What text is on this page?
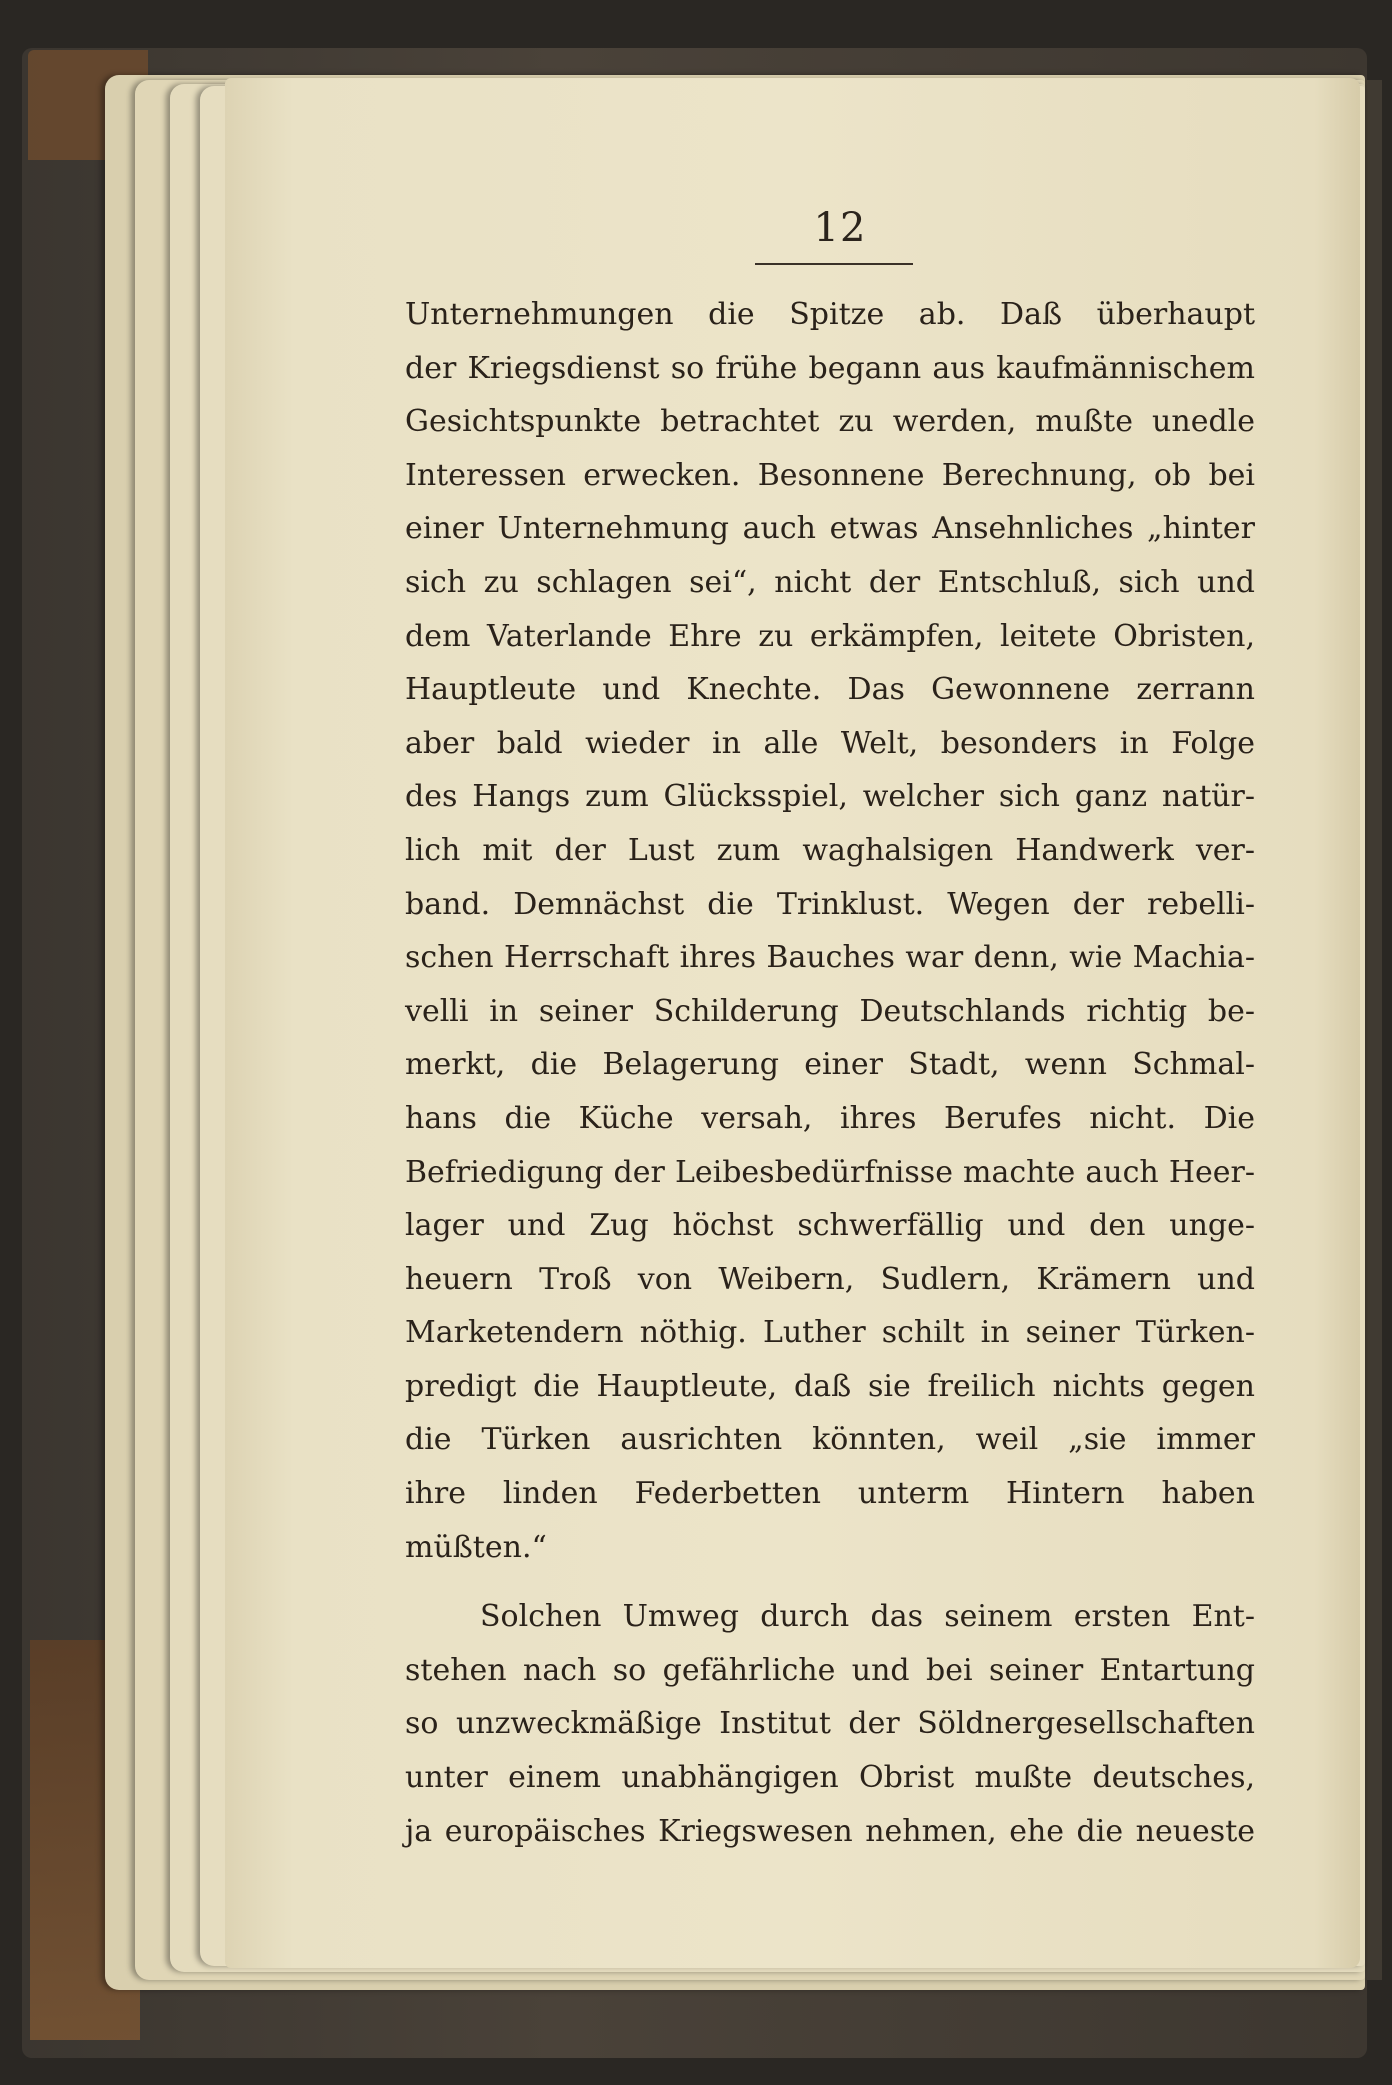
12
Unternehmungen die Spitze ab. Daß überhaupt
der Kriegsdienst so frühe begann aus kaufmännischem
Gesichtspunkte betrachtet zu werden, mußte unedle
Interessen erwecken. Besonnene Berechnung, ob bei
einer Unternehmung auch etwas Ansehnliches „hinter
sich zu schlagen sei“, nicht der Entschluß, sich und
dem Vaterlande Ehre zu erkämpfen, leitete Obristen,
Hauptleute und Knechte. Das Gewonnene zerrann
aber bald wieder in alle Welt, besonders in Folge
des Hangs zum Glücksspiel, welcher sich ganz natür-
lich mit der Lust zum waghalsigen Handwerk ver-
band. Demnächst die Trinklust. Wegen der rebelli-
schen Herrschaft ihres Bauches war denn, wie Machia-
velli in seiner Schilderung Deutschlands richtig be-
merkt, die Belagerung einer Stadt, wenn Schmal-
hans die Küche versah, ihres Berufes nicht. Die
Befriedigung der Leibesbedürfnisse machte auch Heer-
lager und Zug höchst schwerfällig und den unge-
heuern Troß von Weibern, Sudlern, Krämern und
Marketendern nöthig. Luther schilt in seiner Türken-
predigt die Hauptleute, daß sie freilich nichts gegen
die Türken ausrichten könnten, weil „sie immer
ihre linden Federbetten unterm Hintern haben
müßten.“
Solchen Umweg durch das seinem ersten Ent-
stehen nach so gefährliche und bei seiner Entartung
so unzweckmäßige Institut der Söldnergesellschaften
unter einem unabhängigen Obrist mußte deutsches,
ja europäisches Kriegswesen nehmen, ehe die neueste
